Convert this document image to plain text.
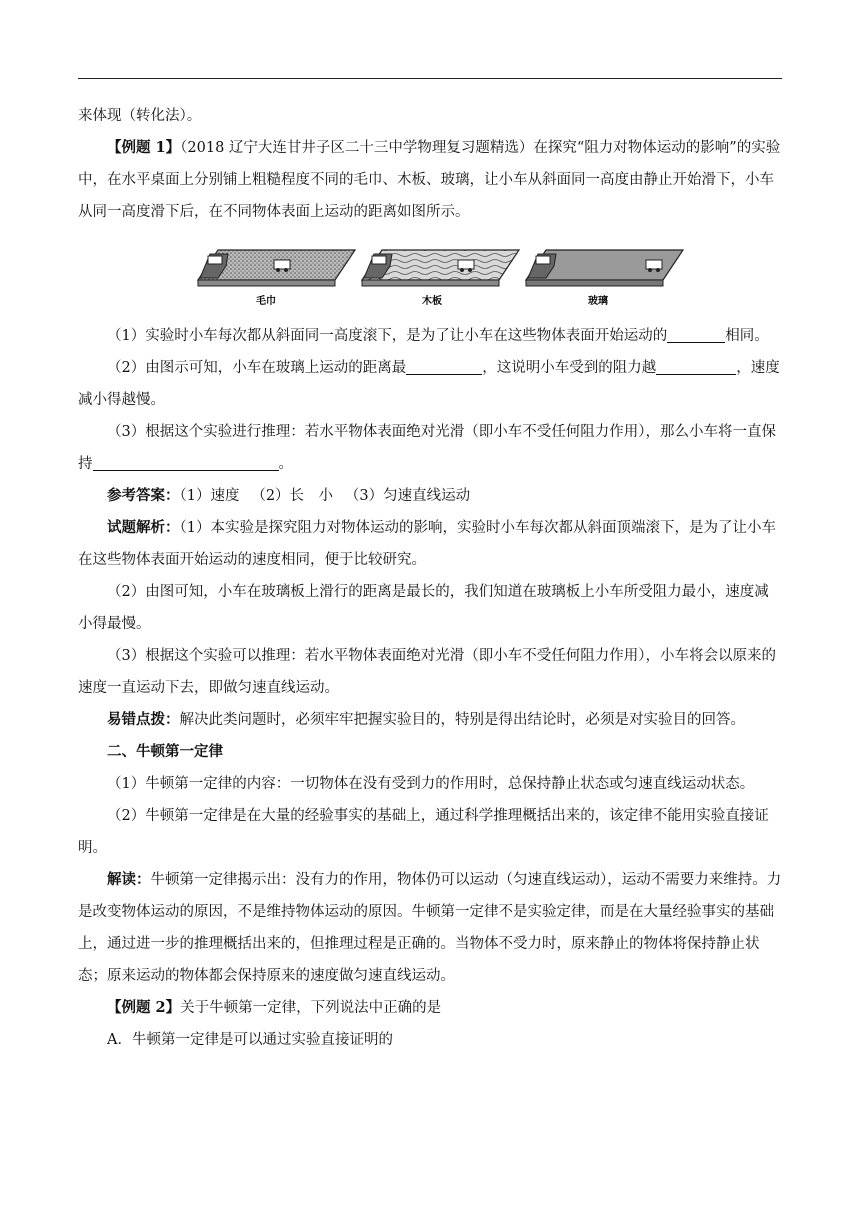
来体现（转化法）。

【例题 1】（2018 辽宁大连甘井子区二十三中学物理复习题精选）在探究“阻力对物体运动的影响”的实验中，在水平桌面上分别铺上粗糙程度不同的毛巾、木板、玻璃，让小车从斜面同一高度由静止开始滑下，小车从同一高度滑下后，在不同物体表面上运动的距离如图所示。

毛巾	木板	玻璃

（1）实验时小车每次都从斜面同一高度滚下，是为了让小车在这些物体表面开始运动的	相同。

（2）由图示可知，小车在玻璃上运动的距离最	，这说明小车受到的阻力越	，速度减小得越慢。

（3）根据这个实验进行推理：若水平物体表面绝对光滑（即小车不受任何阻力作用），那么小车将一直保持	。

参考答案：（1）速度 　（2）长　小 　（3）匀速直线运动

试题解析：（1）本实验是探究阻力对物体运动的影响，实验时小车每次都从斜面顶端滚下，是为了让小车在这些物体表面开始运动的速度相同，便于比较研究。

（2）由图可知，小车在玻璃板上滑行的距离是最长的，我们知道在玻璃板上小车所受阻力最小，速度减小得最慢。

（3）根据这个实验可以推理：若水平物体表面绝对光滑（即小车不受任何阻力作用），小车将会以原来的速度一直运动下去，即做匀速直线运动。

易错点拨：解决此类问题时，必须牢牢把握实验目的，特别是得出结论时，必须是对实验目的回答。

二、牛顿第一定律

（1）牛顿第一定律的内容：一切物体在没有受到力的作用时，总保持静止状态或匀速直线运动状态。

（2）牛顿第一定律是在大量的经验事实的基础上，通过科学推理概括出来的，该定律不能用实验直接证明。

解读：牛顿第一定律揭示出：没有力的作用，物体仍可以运动（匀速直线运动），运动不需要力来维持。力是改变物体运动的原因，不是维持物体运动的原因。牛顿第一定律不是实验定律，而是在大量经验事实的基础上，通过进一步的推理概括出来的，但推理过程是正确的。当物体不受力时，原来静止的物体将保持静止状态；原来运动的物体都会保持原来的速度做匀速直线运动。

【例题 2】关于牛顿第一定律，下列说法中正确的是

A．牛顿第一定律是可以通过实验直接证明的
